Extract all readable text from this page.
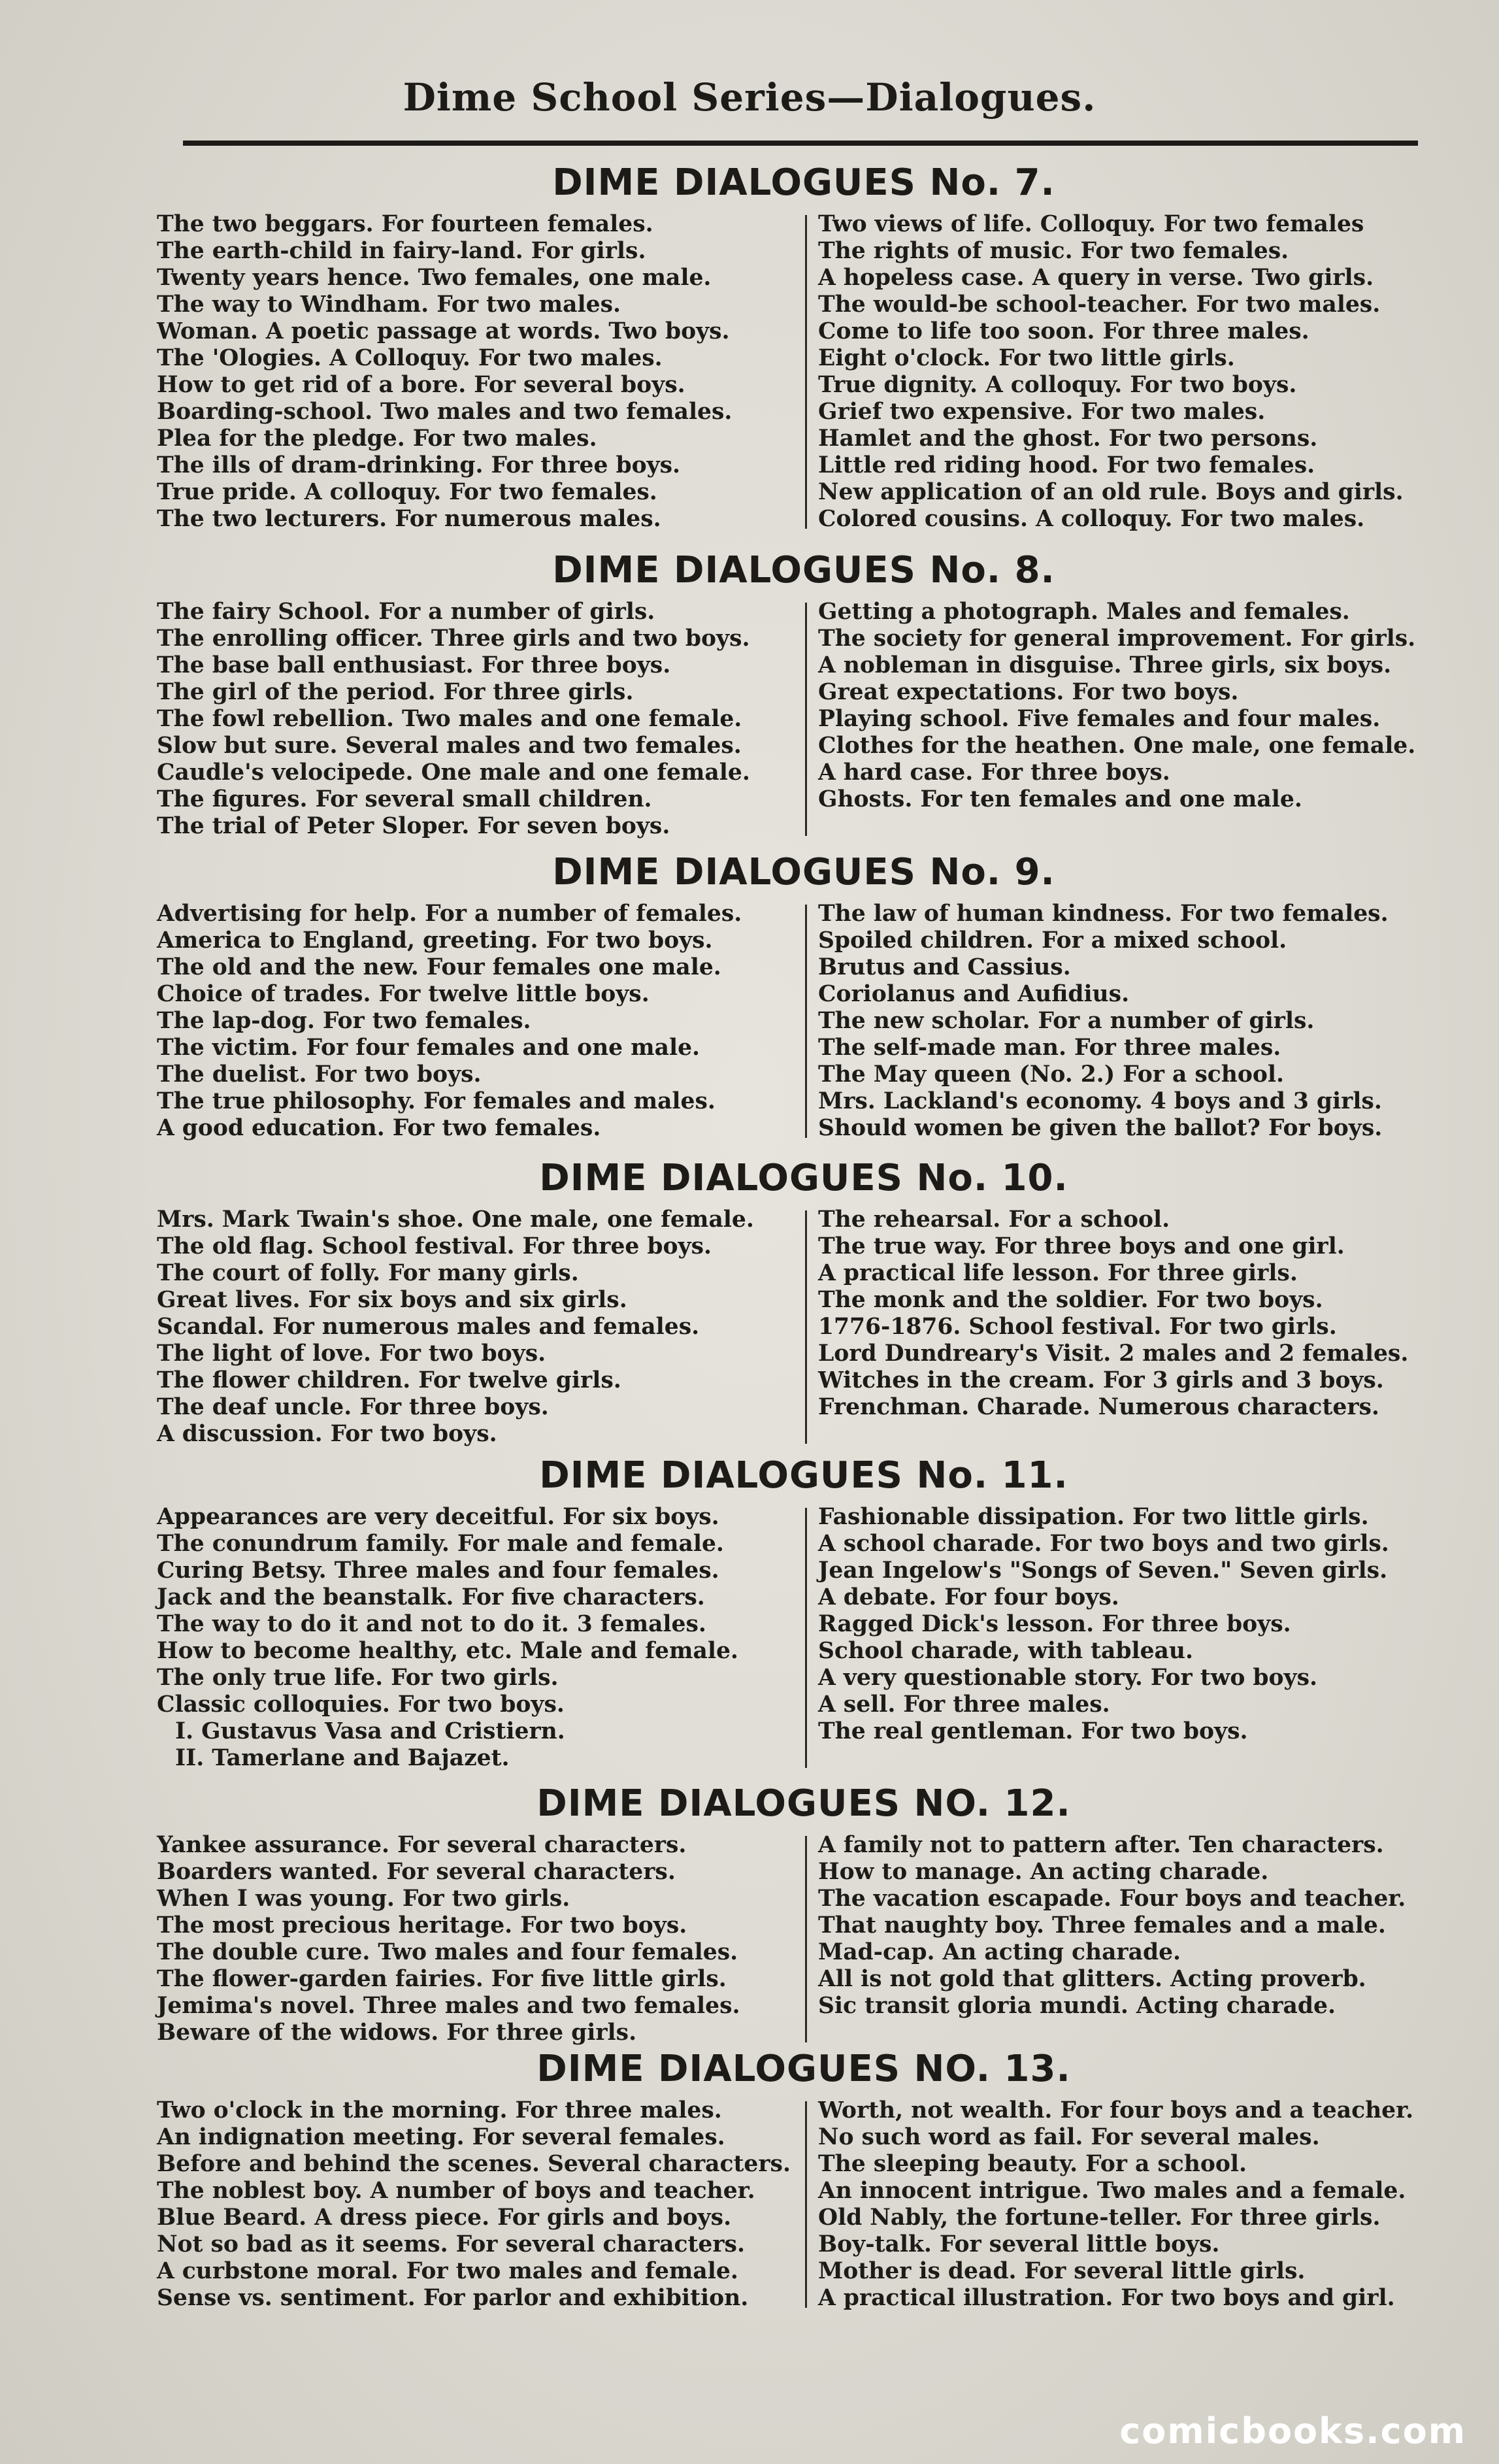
Dime School Series—Dialogues.
DIME DIALOGUES No. 7.
The two beggars. For fourteen females.
The earth-child in fairy-land. For girls.
Twenty years hence. Two females, one male.
The way to Windham. For two males.
Woman. A poetic passage at words. Two boys.
The 'Ologies. A Colloquy. For two males.
How to get rid of a bore. For several boys.
Boarding-school. Two males and two females.
Plea for the pledge. For two males.
The ills of dram-drinking. For three boys.
True pride. A colloquy. For two females.
The two lecturers. For numerous males.
Two views of life. Colloquy. For two females
The rights of music. For two females.
A hopeless case. A query in verse. Two girls.
The would-be school-teacher. For two males.
Come to life too soon. For three males.
Eight o'clock. For two little girls.
True dignity. A colloquy. For two boys.
Grief two expensive. For two males.
Hamlet and the ghost. For two persons.
Little red riding hood. For two females.
New application of an old rule. Boys and girls.
Colored cousins. A colloquy. For two males.
DIME DIALOGUES No. 8.
The fairy School. For a number of girls.
The enrolling officer. Three girls and two boys.
The base ball enthusiast. For three boys.
The girl of the period. For three girls.
The fowl rebellion. Two males and one female.
Slow but sure. Several males and two females.
Caudle's velocipede. One male and one female.
The figures. For several small children.
The trial of Peter Sloper. For seven boys.
Getting a photograph. Males and females.
The society for general improvement. For girls.
A nobleman in disguise. Three girls, six boys.
Great expectations. For two boys.
Playing school. Five females and four males.
Clothes for the heathen. One male, one female.
A hard case. For three boys.
Ghosts. For ten females and one male.
DIME DIALOGUES No. 9.
Advertising for help. For a number of females.
America to England, greeting. For two boys.
The old and the new. Four females one male.
Choice of trades. For twelve little boys.
The lap-dog. For two females.
The victim. For four females and one male.
The duelist. For two boys.
The true philosophy. For females and males.
A good education. For two females.
The law of human kindness. For two females.
Spoiled children. For a mixed school.
Brutus and Cassius.
Coriolanus and Aufidius.
The new scholar. For a number of girls.
The self-made man. For three males.
The May queen (No. 2.) For a school.
Mrs. Lackland's economy. 4 boys and 3 girls.
Should women be given the ballot? For boys.
DIME DIALOGUES No. 10.
Mrs. Mark Twain's shoe. One male, one female.
The old flag. School festival. For three boys.
The court of folly. For many girls.
Great lives. For six boys and six girls.
Scandal. For numerous males and females.
The light of love. For two boys.
The flower children. For twelve girls.
The deaf uncle. For three boys.
A discussion. For two boys.
The rehearsal. For a school.
The true way. For three boys and one girl.
A practical life lesson. For three girls.
The monk and the soldier. For two boys.
1776-1876. School festival. For two girls.
Lord Dundreary's Visit. 2 males and 2 females.
Witches in the cream. For 3 girls and 3 boys.
Frenchman. Charade. Numerous characters.
DIME DIALOGUES No. 11.
Appearances are very deceitful. For six boys.
The conundrum family. For male and female.
Curing Betsy. Three males and four females.
Jack and the beanstalk. For five characters.
The way to do it and not to do it. 3 females.
How to become healthy, etc. Male and female.
The only true life. For two girls.
Classic colloquies. For two boys.
I. Gustavus Vasa and Cristiern.
II. Tamerlane and Bajazet.
Fashionable dissipation. For two little girls.
A school charade. For two boys and two girls.
Jean Ingelow's "Songs of Seven." Seven girls.
A debate. For four boys.
Ragged Dick's lesson. For three boys.
School charade, with tableau.
A very questionable story. For two boys.
A sell. For three males.
The real gentleman. For two boys.
DIME DIALOGUES NO. 12.
Yankee assurance. For several characters.
Boarders wanted. For several characters.
When I was young. For two girls.
The most precious heritage. For two boys.
The double cure. Two males and four females.
The flower-garden fairies. For five little girls.
Jemima's novel. Three males and two females.
Beware of the widows. For three girls.
A family not to pattern after. Ten characters.
How to manage. An acting charade.
The vacation escapade. Four boys and teacher.
That naughty boy. Three females and a male.
Mad-cap. An acting charade.
All is not gold that glitters. Acting proverb.
Sic transit gloria mundi. Acting charade.
DIME DIALOGUES NO. 13.
Two o'clock in the morning. For three males.
An indignation meeting. For several females.
Before and behind the scenes. Several characters.
The noblest boy. A number of boys and teacher.
Blue Beard. A dress piece. For girls and boys.
Not so bad as it seems. For several characters.
A curbstone moral. For two males and female.
Sense vs. sentiment. For parlor and exhibition.
Worth, not wealth. For four boys and a teacher.
No such word as fail. For several males.
The sleeping beauty. For a school.
An innocent intrigue. Two males and a female.
Old Nably, the fortune-teller. For three girls.
Boy-talk. For several little boys.
Mother is dead. For several little girls.
A practical illustration. For two boys and girl.
comicbooks.com
